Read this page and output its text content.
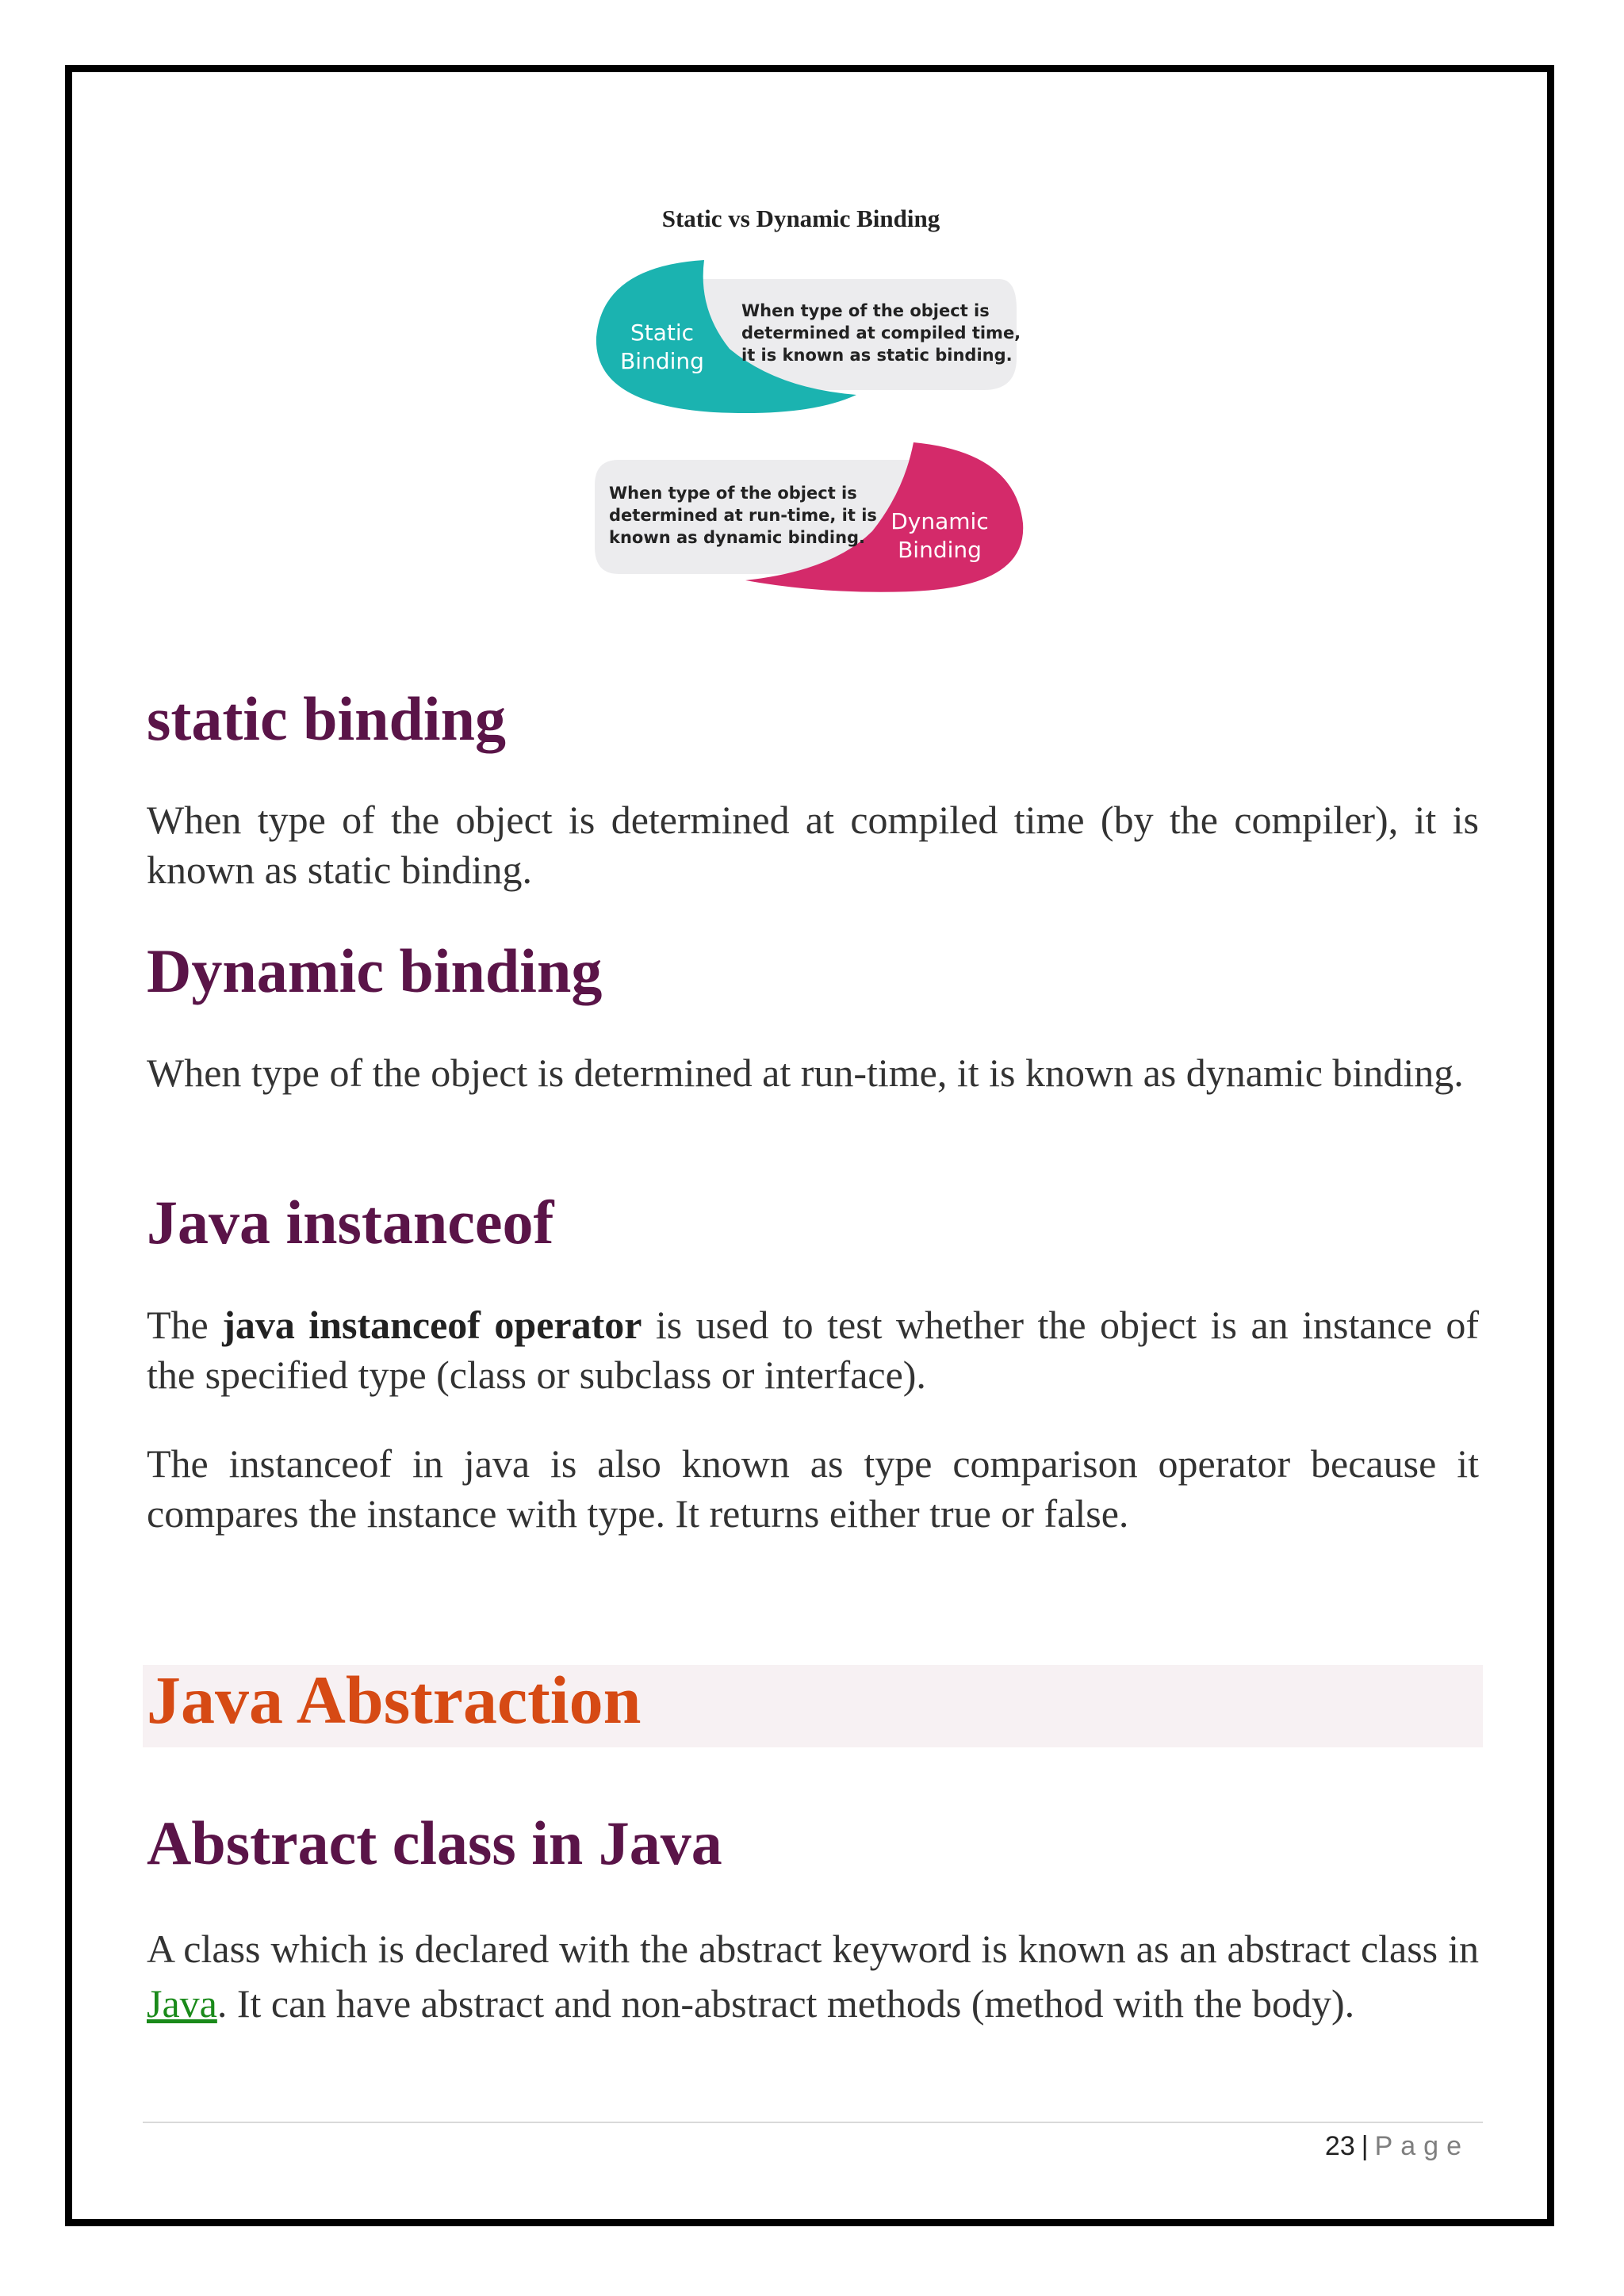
Static vs Dynamic Binding
Static
Binding
When type of the object is
determined at compiled time,
it is known as static binding.
When type of the object is
determined at run-time, it is
known as dynamic binding.
Dynamic
Binding
static binding

When type of the object is determined at compiled time (by the compiler), it is known as static binding.

Dynamic binding

When type of the object is determined at run-time, it is known as dynamic binding.

Java instanceof

The java instanceof operator is used to test whether the object is an instance of the specified type (class or subclass or interface).

The instanceof in java is also known as type comparison operator because it compares the instance with type. It returns either true or false.

Java Abstraction
Abstract class in Java

A class which is declared with the abstract keyword is known as an abstract class in Java. It can have abstract and non-abstract methods (method with the body).

23 | Page
